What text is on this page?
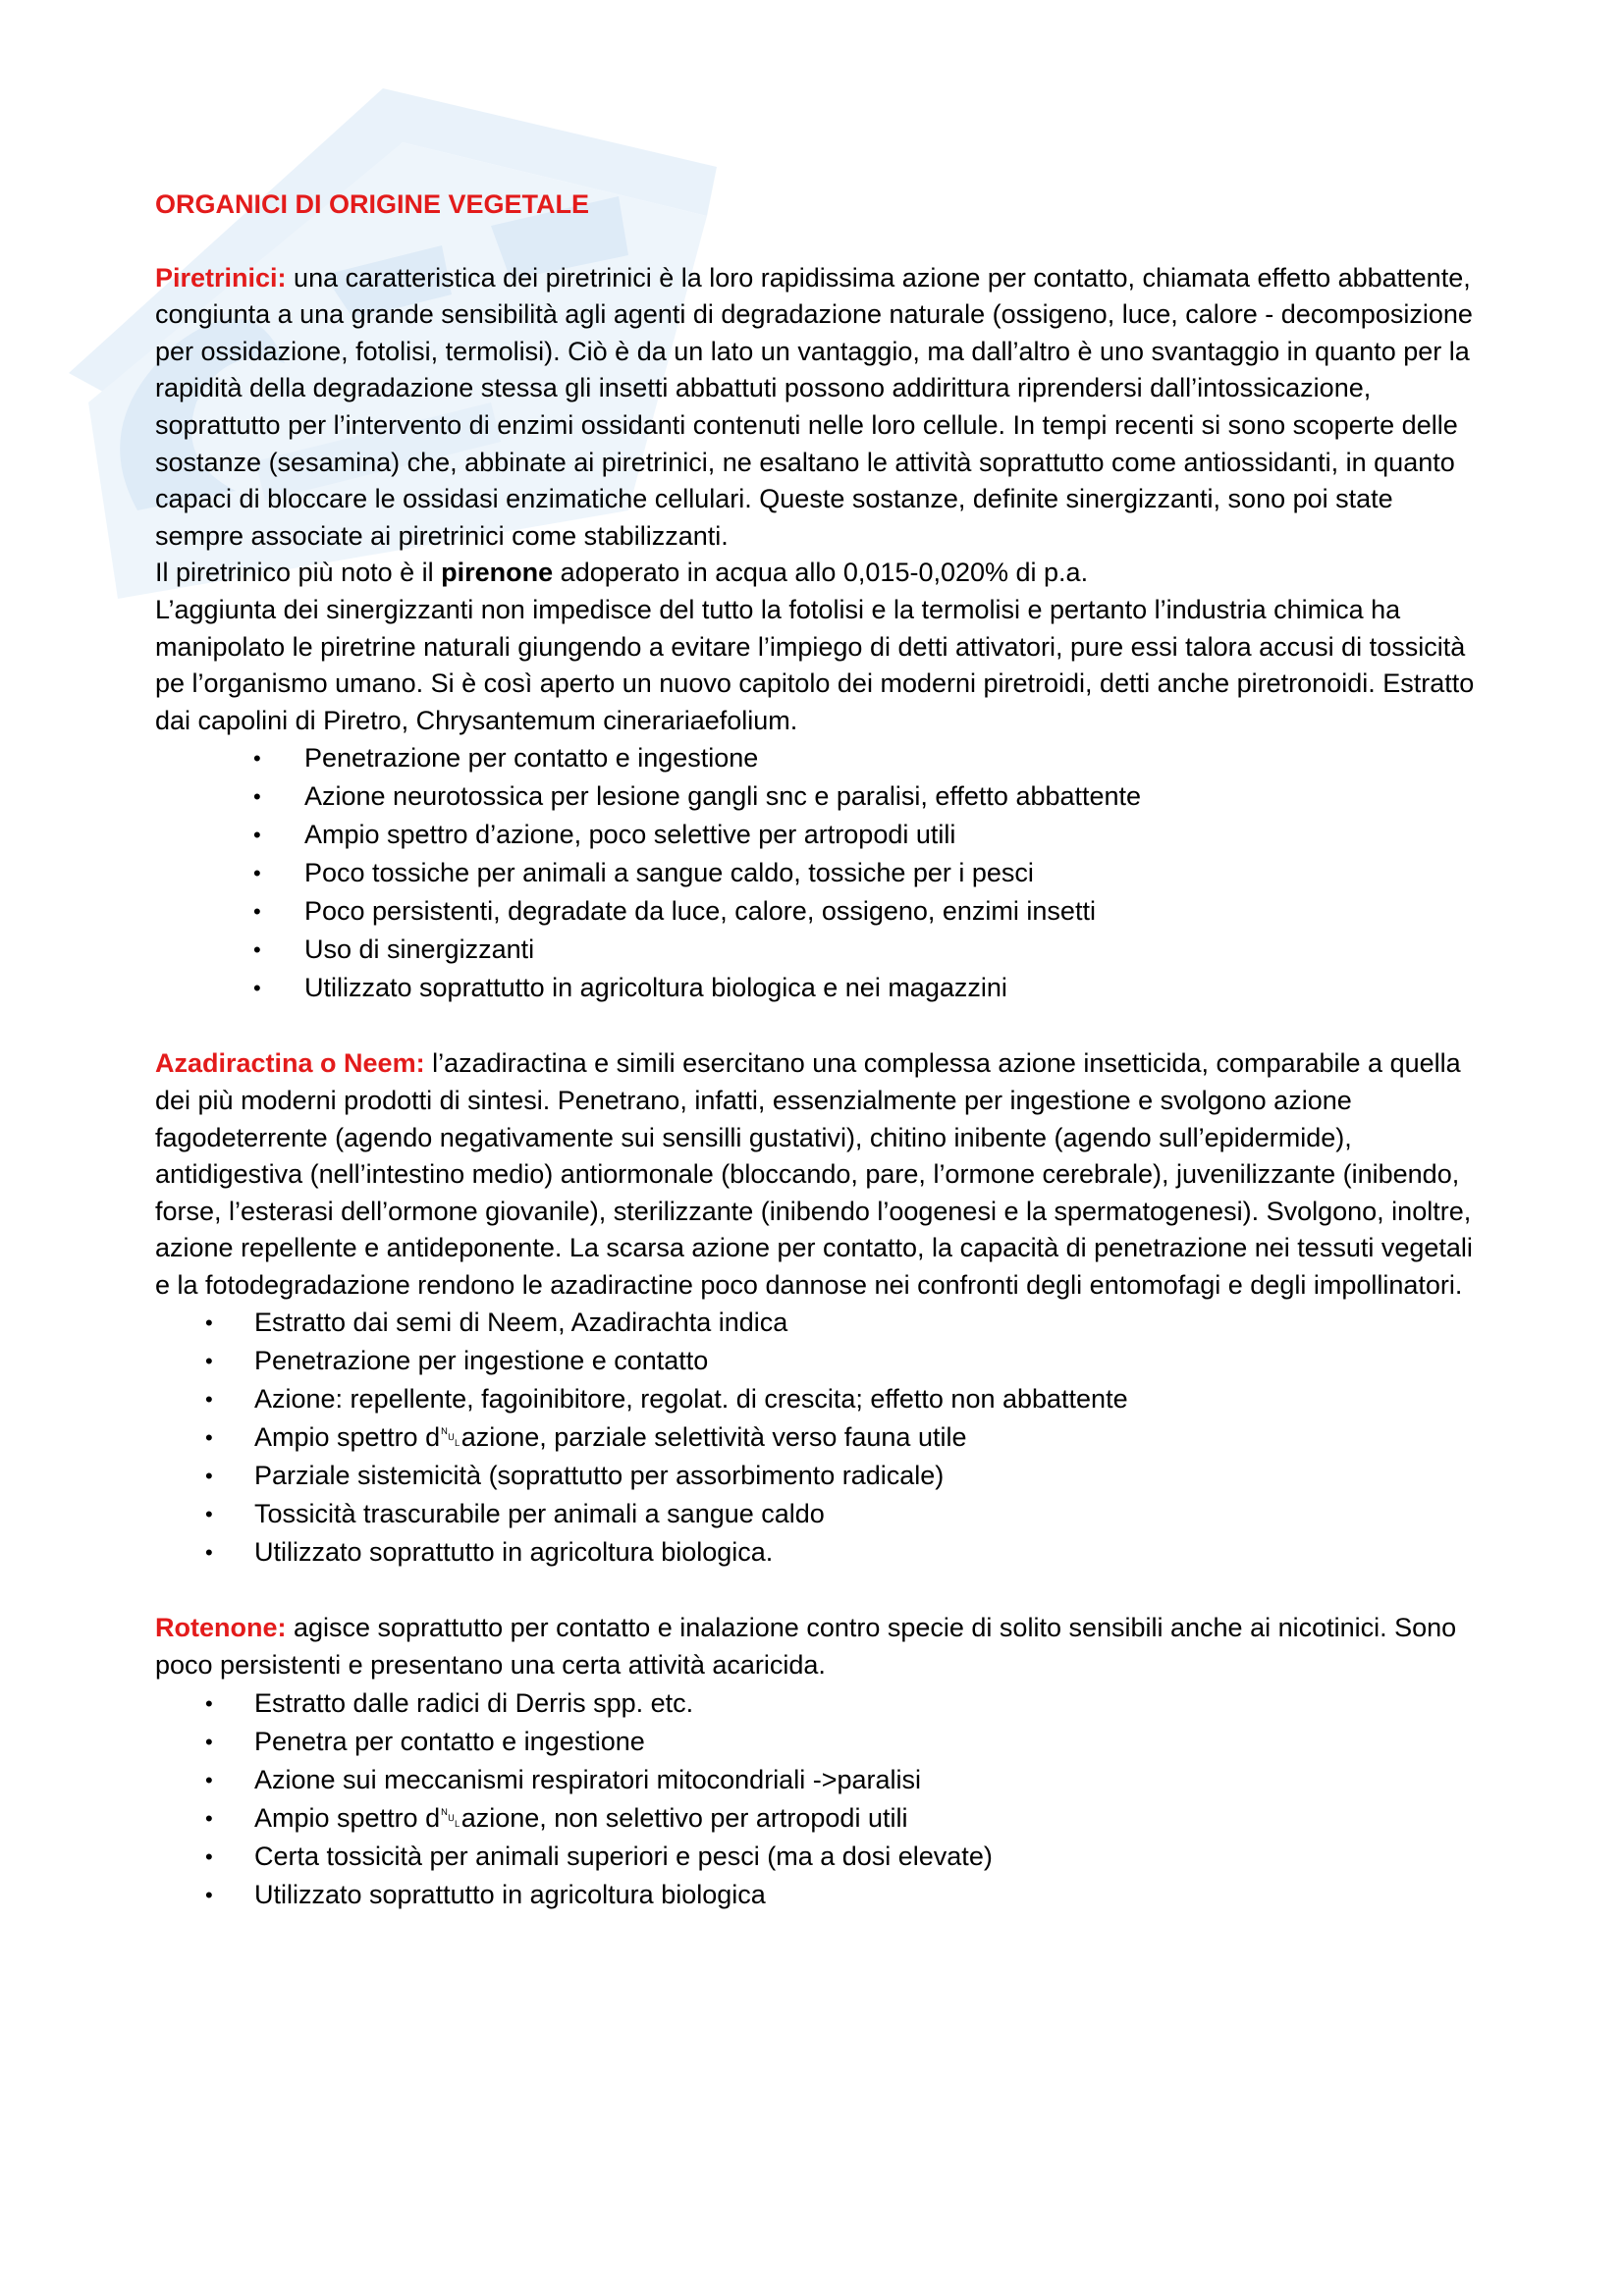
ORGANICI DI ORIGINE VEGETALE

Piretrinici: una caratteristica dei piretrinici è la loro rapidissima azione per contatto, chiamata effetto abbattente, congiunta a una grande sensibilità agli agenti di degradazione naturale (ossigeno, luce, calore - decomposizione per ossidazione, fotolisi, termolisi). Ciò è da un lato un vantaggio, ma dall’altro è uno svantaggio in quanto per la rapidità della degradazione stessa gli insetti abbattuti possono addirittura riprendersi dall’intossicazione, soprattutto per l’intervento di enzimi ossidanti contenuti nelle loro cellule. In tempi recenti si sono scoperte delle sostanze (sesamina) che, abbinate ai piretrinici, ne esaltano le attività soprattutto come antiossidanti, in quanto capaci di bloccare le ossidasi enzimatiche cellulari. Queste sostanze, definite sinergizzanti, sono poi state sempre associate ai piretrinici come stabilizzanti.

Il piretrinico più noto è il pirenone adoperato in acqua allo 0,015-0,020% di p.a.

L’aggiunta dei sinergizzanti non impedisce del tutto la fotolisi e la termolisi e pertanto l’industria chimica ha manipolato le piretrine naturali giungendo a evitare l’impiego di detti attivatori, pure essi talora accusi di tossicità pe l’organismo umano. Si è così aperto un nuovo capitolo dei moderni piretroidi, detti anche piretronoidi. Estratto dai capolini di Piretro, Chrysantemum cinerariaefolium.

• Penetrazione per contatto e ingestione
• Azione neurotossica per lesione gangli snc e paralisi, effetto abbattente
• Ampio spettro d’azione, poco selettive per artropodi utili
• Poco tossiche per animali a sangue caldo, tossiche per i pesci
• Poco persistenti, degradate da luce, calore, ossigeno, enzimi insetti
• Uso di sinergizzanti
• Utilizzato soprattutto in agricoltura biologica e nei magazzini

Azadiractina o Neem: l’azadiractina e simili esercitano una complessa azione insetticida, comparabile a quella dei più moderni prodotti di sintesi. Penetrano, infatti, essenzialmente per ingestione e svolgono azione fagodeterrente (agendo negativamente sui sensilli gustativi), chitino inibente (agendo sull’epidermide), antidigestiva (nell’intestino medio) antiormonale (bloccando, pare, l’ormone cerebrale), juvenilizzante (inibendo, forse, l’esterasi dell’ormone giovanile), sterilizzante (inibendo l’oogenesi e la spermatogenesi). Svolgono, inoltre, azione repellente e antideponente. La scarsa azione per contatto, la capacità di penetrazione nei tessuti vegetali e la fotodegradazione rendono le azadiractine poco dannose nei confronti degli entomofagi e degli impollinatori.

• Estratto dai semi di Neem, Azadirachta indica
• Penetrazione per ingestione e contatto
• Azione: repellente, fagoinibitore, regolat. di crescita; effetto non abbattente
• Ampio spettro d␀azione, parziale selettività verso fauna utile
• Parziale sistemicità (soprattutto per assorbimento radicale)
• Tossicità trascurabile per animali a sangue caldo
• Utilizzato soprattutto in agricoltura biologica.

Rotenone: agisce soprattutto per contatto e inalazione contro specie di solito sensibili anche ai nicotinici. Sono poco persistenti e presentano una certa attività acaricida.

• Estratto dalle radici di Derris spp. etc.
• Penetra per contatto e ingestione
• Azione sui meccanismi respiratori mitocondriali ->paralisi
• Ampio spettro d␀azione, non selettivo per artropodi utili
• Certa tossicità per animali superiori e pesci (ma a dosi elevate)
• Utilizzato soprattutto in agricoltura biologica
